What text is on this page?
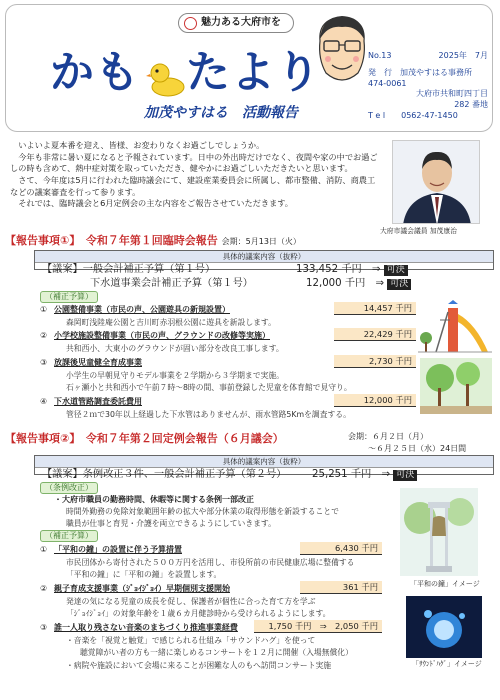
魅力ある大府市を
かも たより
加茂やすはる　活動報告
No.13	2025年　7月
発　行　加茂やすはる事務所
474-0061
大府市共和町四丁目
282 番地
T e l　　0562-47-1450

いよいよ夏本番を迎え、皆様、お変わりなくお過ごしでしょうか。

今年も非常に暑い夏になると予報されています。日中の外出時だけでなく、夜間や家の中でお過ごしの時も含めて、熱中症対策を取っていただき、健やかにお過ごしいただきたいと思います。

さて、今年度は5月に行われた臨時議会にて、建設産業委員会に所属し、都市整備、消防、商農工などの議案審査を行って参ります。

それでは、臨時議会と6月定例会の主な内容をご報告させていただきます。

大府市議会議員 加茂康治
【報告事項①】　令和７年第１回臨時会報告 会期：5月13日（火）
具体的議案内容（抜粋）
【議案】一般会計補正予算（第１号）	133,452 千円　⇒ 可決
下水道事業会計補正予算（第１号）	12,000 千円　⇒ 可決
（補正予算）
① 公園整備事業（市民の声、公園遊具の新規設置）	14,457 千円
森岡町浅陸庵公園と吉川町赤羽根公園に遊具を新設します。
② 小学校施設整備事業（市民の声、グラウンドの改修等実施）	22,429 千円
共和西小、大東小のグラウンドが固い部分を改良工事します。
③ 放課後児童健全育成事業	2,730 千円
小学生の早朝見守りモデル事業を２学期から３学期まで実施。
石ヶ瀬小と共和西小で午前７時～8時の間、事前登録した児童を体育館で見守り。
④ 下水道管路調査委託費用	12,000 千円
管径２ｍで30年以上経過した下水管はありませんが、雨水管路5Kmを調査する。
【報告事項②】　令和７年第２回定例会報告（６月議会）	会期：６月２日（月）
～６月２５日（水）24日間
具体的議案内容（抜粋）
【議案】条例改正３件、一般会計補正予算（第２号）	25,251 千円　⇒ 可決
（条例改正）
・大府市職員の勤務時間、休暇等に関する条例一部改正
時間外勤務の免除対象範囲年齢の拡大や部分休業の取得形態を新設することで
職員が仕事と育児・介護を両立できるようにしていきます。
（補正予算）
① 「平和の鐘」の設置に伴う予算措置	6,430 千円
市民団体から寄付された５００万円を活用し、市役所前の市民健康広場に整備する
「平和の鐘」に「平和の鐘」を設置します。
② 親子育成支援事業（ｼﾞｮｲｼﾞｮｲ）早期個別支援開始	361 千円
発達の気になる児童の成長を促し、保護者が個性に合った育て方を学ぶ
「ｼﾞｮｲｼﾞｮｲ」の対象年齢を１歳６カ月健診時から受けられるようにします。
③ 誰一人取り残さない音楽のまちづくり推進事業経費	1,750 千円　⇒　2,050 千円
・音楽を「視覚と触覚」で感じられる仕組み「サウンドハグ」を使って
聴覚障がい者の方も一緒に楽しめるコンサートを１２月に開催（入場無償化）
・病院や施設において会場に来ることが困難な人のもへ訪問コンサート実施
「平和の鐘」イメージ
「ｻｳﾝﾄﾞﾊｸﾞ」イメージ
